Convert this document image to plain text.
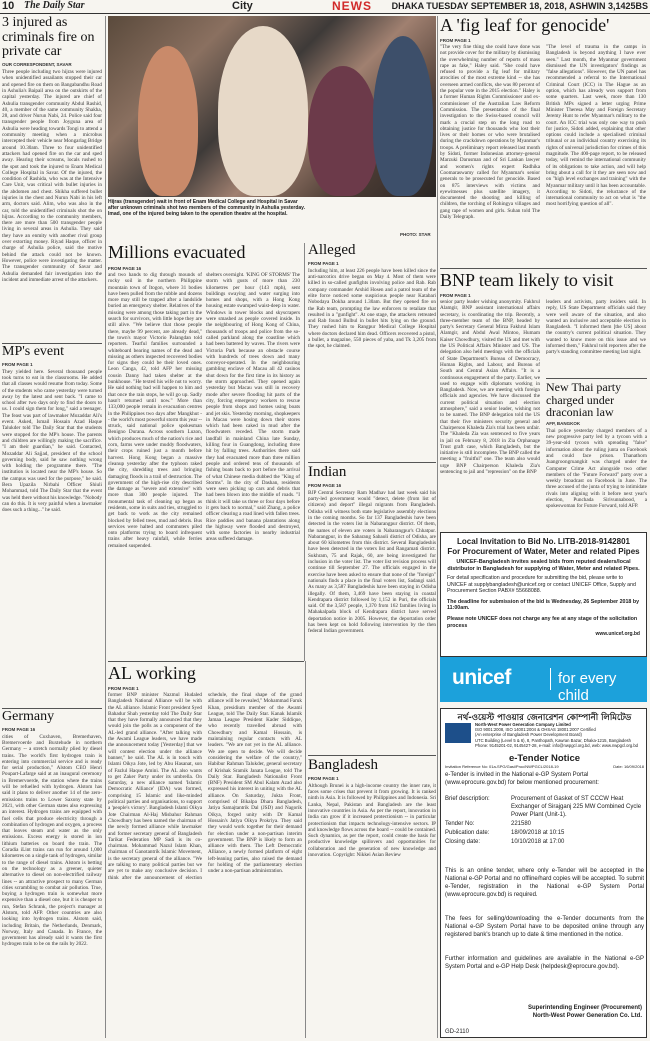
10 The Daily Star	City	NEWS DHAKA TUESDAY SEPTEMBER 18, 2018, ASHWIN 3,1425BS
3 injured as criminals fire on private car
OUR CORRESPONDENT, SAVAR
Three people including two hijras were injured when unidentified assailants stopped their car and opened fire on them on Bangabandhu Road in Ashulia's Baipail area on the outskirts of the capital yesterday. The injured are chief of Ashulia transgender community Abdul Rashid, 40, a member of the same community Shakha, 28, and driver Nurun Nabi, 24. Police said four transgender people from Joyguna area of Ashulia were heading towards Tongi to attend a community meeting when a microbus intercepted their vehicle near Mongarlag Bridge around 10.30am. Three to four unidentified attackers had opened fire on the car and sped away. Hearing their screams, locals rushed to the spot and took the injured to Enam Medical College Hospital in Savar. Of the injured, the condition of Rashida, who was at the Intensive Care Unit, was critical with bullet injuries in the abdomen and chest. Shikha suffered bullet injuries in the chest and Nurun Nabi in his left arm, doctors said. Alim, who was also in the car, told the unidentified criminals shot the on hijras. According to the community members, there are more than 500 transgender people living in several areas in Ashulia. They said they have an enmity with another rival group over extorting money. Riyad Haque, officer in charge of Ashulia police, said the motive behind the attack could not be known. However, police were investigating the matter. The transgender community of Savar and Ashulia demanded fair investigation into the incident and immediate arrest of the attackers.
MP's event
FROM PAGE 1
They yielded here. Several thousand people took turns to eat in the classrooms. He added that all classes would resume from today. Some of the students who came yesterday were turned away by the latest and sent back. "I came to school after two days only to find the doors to us. I could sign them for long," said a teenager. The feast was part of lawmaker Mozaddar Ali's event. Asked, Ismail Hossain Azad Haque Talukder told The Daily Star that the students were stopped for the MP's house. The parents and children are willingly making the sacrifice. "I am their guardian," he said. Contacted, Mozaddar Ali Sajjad, president of the school governing body, said he saw nothing wrong with holding the programme there. "The institution is located near the MP's house. So the campus was used for the purpose," he said. Bera Upazila Nirbahi Officer Shiuli Mohammad, told The Daily Star that the event was held there without his knowledge. "Nobody can do this. It is very painful when a lawmaker does such a thing..." he said.
Germany
FROM PAGE 16
cities of Cuxhaven, Bremerhaven, Bremervoerde and Buxtehude in northern Germany -- a stretch normally plied by diesel trains. The world's first hydrogen train is entering into commercial service and is ready for serial production," Alstom CEO Henri Poupart-Lafarge said at an inaugural ceremony in Bremervoerde, the station where the trains will be refuelled with hydrogen. Alstom has said it plans to deliver another 14 of the zero-emissions trains to Lower Saxony state by 2021, with other German states also expressing an interest. Hydrogen trains are equipped with fuel cells that produce electricity through a combination of hydrogen and oxygen, a process that leaves steam and water as the only emissions. Excess energy is stored in ion lithium batteries on board the train. The Coradia iLint trains can run for around 1,000 kilometres on a single tank of hydrogen, similar to the range of diesel trains. Alstom is betting on the technology as a greener, quieter alternative to diesel on non-electrified railway lines -- an attractive prospect to many German cities scrambling to combat air pollution. True, buying a hydrogen train is somewhat more expensive than a diesel one, but it is cheaper to run, Stefan Schrank, the project's manager at Alstom, told AFP. Other countries are also looking into hydrogen trains. Alstom said, including Britain, the Netherlands, Denmark, Norway, Italy and Canada. In France, the government has already said it wants the first hydrogen train to be on the rails by 2022.
Hijras (transgender) wait in front of Enam Medical College and Hospital in Savar after unknown criminals shot two members of the community in Ashulia yesterday. Imad, one of the injured being taken to the operation theatre at the hospital.
PHOTO: STAR
Millions evacuated
FROM PAGE 16
and two hands to dig through mounds of rocky soil in the northern Philippine mountain town of Itogon, where 31 bodies have been pulled from the rubble and dozens more may still be trapped after a landslide buried an emergency shelter. Relatives of the missing were among those taking part in the search for survivors, with little hope they are still alive. "We believe that those people there, maybe 99 percent, are already dead," the town's mayor Victorio Palangdan told reporters. Tearful families surrounded a whiteboard bearing names of the dead and missing as others inspected recovered bodies for signs they could be their loved ones. Leon Canga, 42, told AFP her missing cousin Danny had taken shelter at the bunkhouse. "He texted his wife not to worry. He said nothing bad will happen to him and that once the rain stops, he will go up. Sadly hasn't returned until now." More than 133,000 people remain in evacuation centres in the Philippines two days after Mangkhut -- the world's most powerful storm this year -- struck, said national police spokesman Benigno Durana. Across southern Luzon, which produces much of the nation's rice and corn, farms were under muddy floodwaters, their crops ruined just a month before harvest. Hong Kong began a massive cleanup yesterday after the typhoon raked the city, shredding trees and bringing damaging floods in a trail of destruction. The government of the high-rise city described the damage as "severe and extensive" with more than 300 people injured. The monumental task of cleaning up began as residents, some in suits and ties, struggled to get back to work as the city remained blocked by felled trees, mud and debris. Bus services were halted and commuters piled onto platforms trying to board infrequent trains after heavy rainfall, while ferries remained suspended.
shelters overnight. 'KING OF STORMS' The storm with gusts of more than 230 kilometres per hour (143 mph), sent buildings swaying and water surging into homes and shops, with a Hong Kong housing estate swamped waist-deep in water. Windows in tower blocks and skyscrapers were smashed as people covered inside. In the neighbouring of Hong Kong of China, thousands of troops and police from the so-called parkland along the coastline which had been battered by waves. The rivers were Victoria Park because an obstacle course with hundreds of trees down and many conveyor-operated. In the neighbouring gambling enclave of Macau all 42 casinos shut down for the first time in its history as the storm approached. They opened again yesterday but Macau was still in recovery mode after severe flooding hit parts of the city, forcing emergency workers to rescue people from shops and homes using boats and jet skis. Yesterday morning, shopkeepers in Macau were hosing down their stores which had been caked in mud after the floodwaters receded. The storm made landfall in mainland China late Sunday, killing four in Guangdong, including three hit by falling trees. Authorities there said they had evacuated more than three million people and ordered tens of thousands of fishing boats back to port before the arrival of what Chinese media dubbed the "King of Storms". In the city of Dashan, residents were seen picking up cars and debris that had been blown into the middle of roads. "I think it will take us three or four days before it gets back to normal," said Zhang, a police officer clearing a road lined with fallen trees. Rice paddies and banana plantations along the highway were flooded and destroyed, with some factories in nearby industrial areas suffered damage.
Alleged
FROM PAGE 1
Including him, at least 226 people have been killed since the anti-narcotics drive began on May 4. Most of them were killed in so-called gunfights involving police and Rab. Rab company commander Arshid Hosen and a patrol team of the elite force noticed some suspicious people near Katabari Nobodaya Dokha around 1.30am. But they opened fire on the Rab team, prompting the law enforcers to retaliate that resulted in a "gunfight". At one stage, the attackers retreated and Rab found Bulbul in bullet hits lying on the ground. They rushed him to Rangpur Medical College Hospital where doctors declared him dead. Officers recovered a pistol, a bullet, a magazine, 550 pieces of yaba, and Tk 3,205 from the spot, he claimed.
Indian
FROM PAGE 16
BJP Central Secretary Ram Madhav had last week said his party-led government would "detect, delete (from list of citizens) and deport" illegal migrants from Bangladesh. Odisha will witness both state legislative assembly elections in the coming months. So far 137 Bangladeshis have been detected in the voters list in Nabarangpur district. Of them, the names of eleven are voters in Nabarangpur's Chhatpur. Nabarangpur, in the Sabarang Sabaoli district of Odisha, are about 60 kilometres from this district. Several Bangladeshis have been detected in the voters list and Rangamati district. Sukhram, 75 and Rajak, 60, are being investigated for inclusion in the voter list. The voter list revision process will continue till September 27. The officials engaged in the exercise have been asked to ensure that none of the "foreign" nationals finds a place in the final voters list, Sadangi said. As many as 3,587 Bangladeshis have been staying in Odisha illegally. Of them, 3,469 have been staying in coastal Kendrapara district followed by 1,152 in Puri, the officials said. Of the 3,587 people, 1,370 from 162 families living in Mahakalpada block of Kendrapara district have served deportation notice in 2005. However, the deportation order has been kept on hold following intervention by the then federal Indian government.
Bangladesh
FROM PAGE 1
Although Brunei is a high-income country the inner rate, it faces some crises that prevent it from growing. It is ranked ninth in Asia. It is followed by Philippines and Indonesia. Sri Lanka, Nepal, Pakistan and Bangladesh are the least innovative countries in Asia. As per the report, innovation in India can grow if it increased protectionism -- in particular protectionism that impacts technology-intensive sectors. IP and knowledge flows across the board -- could be contained. Such dynamics, as per the report, could create the basis for productive knowledge spillovers and opportunities for collaboration and the generation of new knowledge and innovation. Copyright: Nikkei Asian Review
AL working
FROM PAGE 1
former BNP minister Nazmul Hudaled Bangladesh National Alliance will be with the AL alliance. Islamic Front president Syed Bahadur Shah yesterday told The Daily Star that they have formally announced that they would join the polls as a component of the AL-led grand alliance. "After talking with the Awami League leaders, we have made the announcement today [Yesterday] that we will contest election under the alliance banner," he said. The AL is in touch with Islami Oikya Jote, led by Abu Hasanat, son of Fazlul Haque Amini. The AL also wants to get Zaker Party under its umbrella. On Saturday, a new alliance named 'Islamic Democratic Alliance' (IDA) was formed, comprising 15 Islamic and like-minded political parties and organisations, to support a 'people's victory'. Bangladesh Islami Oikya Jote Chairman Al-Haj Misbahur Rahman Chowdhury has been named the chairman of the newly formed alliance while lawmaker and former secretary general of Bangladesh Tarikat Federation MP Sadi is its co-chairman. Mohammad Nazul Islam Khan, chairman of Ganotantrik Islamic Movement, is the secretary general of the alliance. "We are talking to many political parties but we are yet to make any conclusive decision. I think after the announcement of election schedule, the final shape of the grand alliance will be revealed," Mohammad Faruk Khan, presidium member of the Awami League, told The Daily Star. Kanak Islamik Jamaa League President Kader Siddique, who recently travelled abroad with Chowdhury and Kamal Hossain, is maintaining regular contacts with AL leaders. "We are not yet in the AL alliance. We are open to decide. We will decide considering the welfare of the country," Habibur Rahman Talukder, general secretary of Krishak Sramik Janata League, told The Daily Star. Bangladesh Nationalist Front (BNF) President SM Abul Kalam Azad also expressed his interest in uniting with the AL alliance. On Saturday, Jukta Front, comprised of Bikalpa Dhara Bangladesh, Jatiya Samajtantrik Dal (JSD) and Nagorik Oikya, forged unity with Dr Kamal Hossain's Jatiya Oikya Prokriya. They said they would work together for their demand for election under a non-partisan interim government. The BNP is likely to form an alliance with them. The Left Democratic Alliance, a newly formed platform of eight left-leaning parties, also raised the demand for holding of the parliamentary election under a non-partisan administration.
A 'fig leaf for genocide'
FROM PAGE 1
"The very fine thing she could have done was not provide cover for the military by dismissing the overwhelming number of reports of mass rape as fake," Haley said. "She could have refused to provide a fig leaf for military atrocities of the most extreme kind -- she has overseen armed conflicts, she was 80 percent of the popular vote in the 2015 election." Haley is a former Human Rights Commissioner and ex-commissioner of the Australian Law Reform Commission. The presentation of the final investigation to the Swiss-based council will mark a crucial step on the long road to obtaining justice for thousands who lost their lives or their homes or who were brutalised during the crackdown operations by Myanmar's troops. A preliminary report released last month by Sidoti, former Indonesian attorney-general Marzuki Darusman and of Sri Lankan lawyer and women's rights expert Radhika Coomaraswamy called for Myanmar's senior generals to be prosecuted for genocide. Based on 875 interviews with victims and eyewitnesses plus satellite imagery, it documented the shooting and killing of children, the torching of Rohingya villages and gang rape of women and girls. Suhan told The Daily Telegraph.
"The level of trauma in the camps in Bangladesh is beyond anything I have ever seen." Last month, the Myanmar government dismissed the UN investigators' findings as "false allegations". However, the UN panel has recommended a referral to the International Criminal Court (ICC) in The Hague as an option, which has already won support from some quarters. Last week, more than 130 British MPs signed a letter urging Prime Minister Theresa May and Foreign Secretary Jeremy Hunt to refer Myanmar's military to the court. An ICC trial was only one way to push for justice, Sidoti added, explaining that other options could include a specialised criminal tribunal or an individual country exercising its rights of universal jurisdiction for crimes of this magnitude. The 400-page report, to be released today, will remind the international community of its obligations to take action, and will help bring about a call for it they are seen now and on "high level exchanges and training" with the Myanmar military until it has been accountable. According to Sidoti, the reluctance of the international community to act on what is "the most horrifying question of all".
BNP team likely to visit
FROM PAGE 1
senior party leader wishing anonymity. Fakhrul Alamgir, BNP assistant international affairs secretary, is coordinating the trip. Recently, a three-member team of the BNP, headed by party's Secretary General Mirza Fakhrul Islam Alamgir, and Abdul Awal Mintoo, Humam Kaiser Chowdhury, visited the US and met with the US Political Affairs Minister and US. The delegation also held meetings with the officials of State Department's Bureau of Democracy, Human Rights, and Labour, and Bureau of South and Central Asian Affairs. "It is a continuous engagement of the party. Earlier, we used to engage with diplomats working in Bangladesh. Now, we are meeting with foreign officials and agencies. We have discussed the current political situation and election atmosphere," said a senior leader, wishing not to be named. The BNP delegation told the US that their five ministers security general and Chairperson Khaleda Zia's trial has been unfair. The "Khaleda Zia was sentenced to five years in jail on February 8, 2018 in Zia Orphanage Trust graft case, which Bangladesh, but the initiative is still incomplete. The BNP called the meeting a "fruitful" one. The team also would urge BNP Chairperson Khaleda Zia's sentencing to jail and "repression" on the BNP
leaders and activists, party insiders said. In reply, US State Department officials said they were well aware of the situation, and also wanted an inclusive and acceptable election in Bangladesh. "I informed them [the US] about the country's current political situation. They wanted to know more on this issue and we informed them," Fakhrul told reporters after the party's standing committee meeting last night.
New Thai party charged under draconian law
AFP, BANGKOK
Thai police yesterday charged members of a new progressive party led by a tycoon with a 39-year-old tycoon with spreading "false" information about the ruling junta on Facebook and could face prison. Thanathorn Juangroongruangkit was charged under the Computer Crime Act alongside two other members of the "Future Forward" party over a weekly broadcast on Facebook in June. The three accused of the junta of trying to intimidate rivals into aligning with it before next year's election, Punchada Sirivunnabood, a spokeswoman for Future Forward, told AFP.
Local Invitation to Bid No. LITB-2018-9142801
For Procurement of Water, Meter and related Pipes
UNICEF-Bangladesh invites sealed bids from reputed dealers/local distributor in Bangladesh for supplying of Water, Meter and related Pipes.
For detail specification and procedure for submitting the bid, please write to UNICEF at supplybangladesh@unicef.org or contact UNICEF Office, Supply and Procurement Section PABX# 55668088.
The deadline for submission of the bid is Wednesday, 26 September 2018 by 11:00am.
Please note UNICEF does not charge any fee at any stage of the solicitation process
www.unicef.org.bd
unicef	for every child
নর্থ-ওয়েস্ট পাওয়ার জেনারেশন কোম্পানী লিমিটেড
North-West Power Generation Company Limited
ISO 9001:2008, ISO 14001:2004 & OHSAS 18001:2007 Certified
(An enterprise of Bangladesh Power Development Board)
UTC Building (Level 5 & 6), 8, Panthopath, Kawran Bazar, Dhaka-1215, Bangladesh
Phone: 9145201-02, 9145427-28, e-mail: info@nwpgcl.org.bd, web: www.nwpgcl.org.bd
e-Tender Notice
Invitation Reference No: 01a-SPG/Gasi/Proc/NWPGCL/2018-19	Date: 16/09/2018
e-Tender is invited in the National e-GP System Portal (www.eprocure.gov.bd) for below mentioned procurement:
Brief description:	Procurement of Gasket of ST CCCW Heat Exchanger of Sirajganj 225 MW Combined Cycle Power Plant (Unit-1).
Tender No:	221580
Publication date:	18/09/2018 at 10:15
Closing date:	10/10/2018 at 17:00
This is an online tender, where only e-Tender will be accepted in the National e-GP Portal and no offline/hard copies will be accepted. To submit e-Tender, registration in the National e-GP System Portal (www.eprocure.gov.bd) is required.
The fees for selling/downloading the e-Tender documents from the National e-GP System Portal have to be deposited online through any registered bank's branch up to date & time mentioned in the notice.
Further information and guidelines are available in the National e-GP System Portal and e-GP Help Desk (helpdesk@eprocure.gov.bd).
Superintending Engineer (Procurement)
North-West Power Generation Co. Ltd.
GD-2110
